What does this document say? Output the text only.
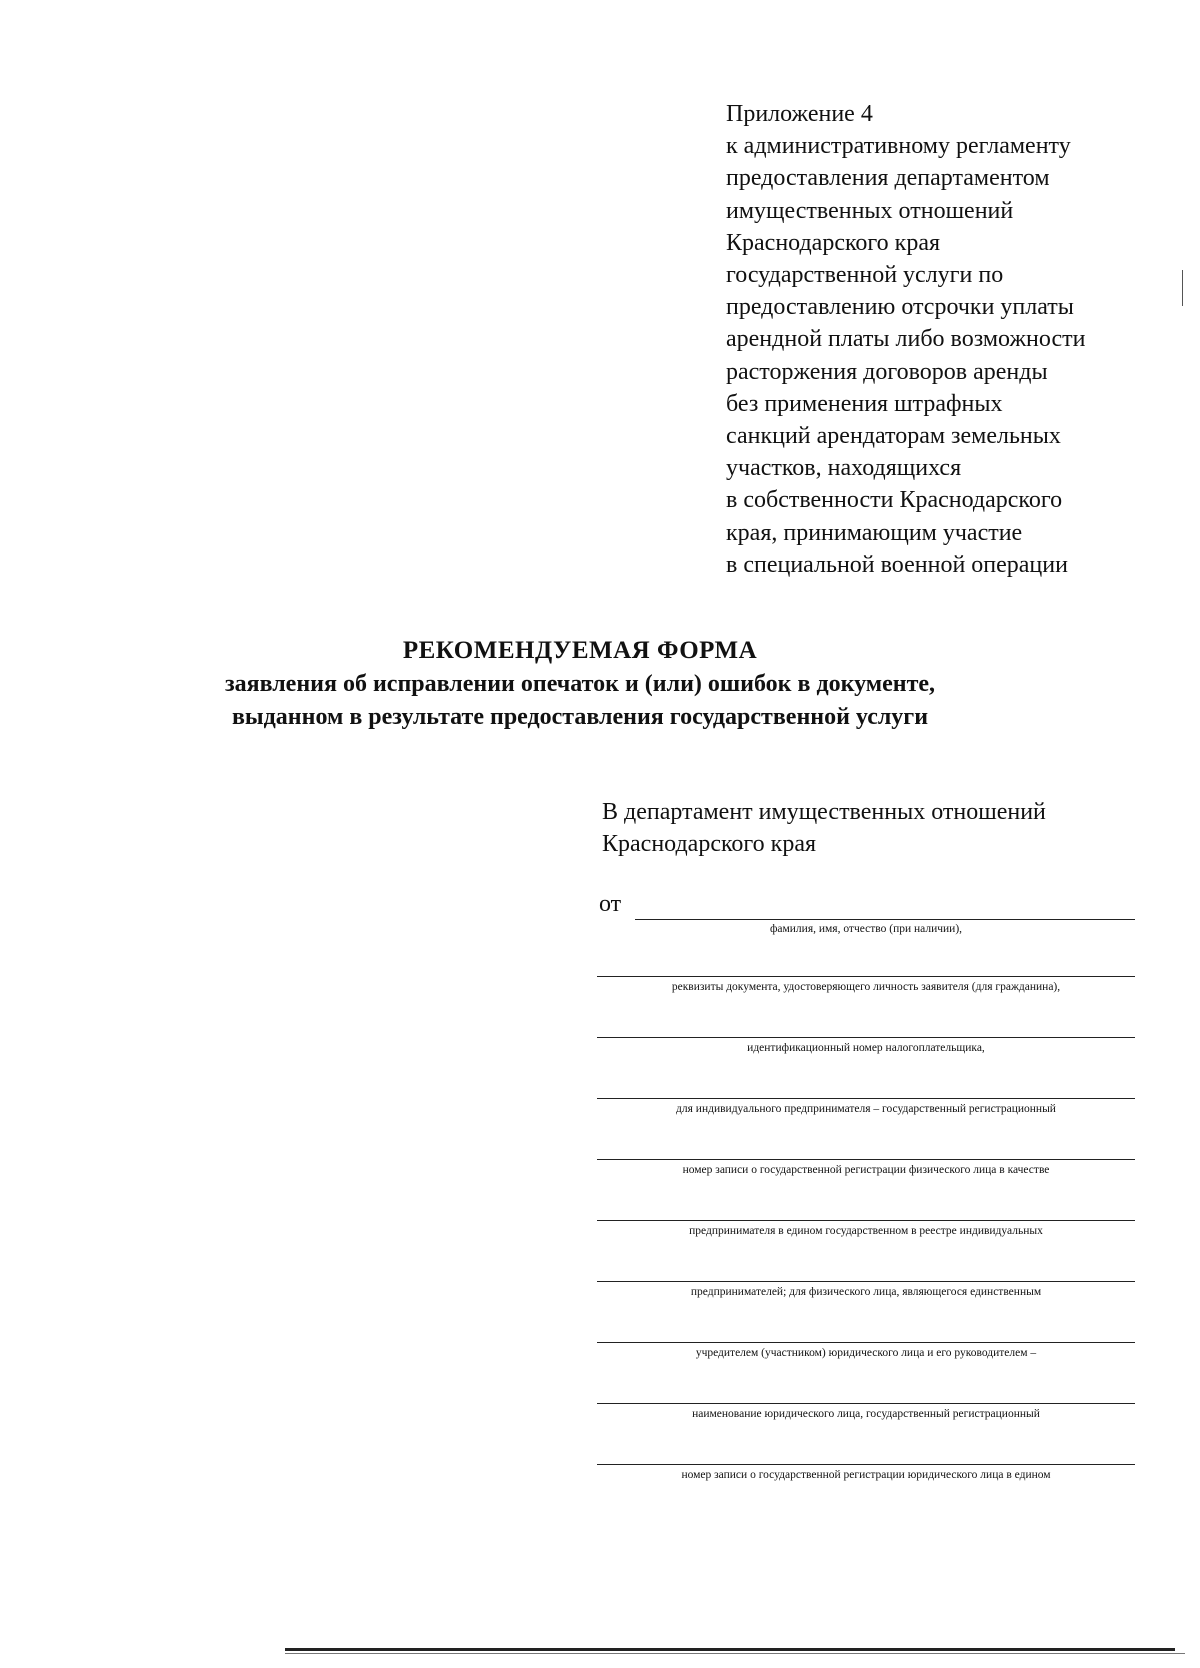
Приложение 4
к административному регламенту
предоставления департаментом
имущественных отношений
Краснодарского края
государственной услуги по
предоставлению отсрочки уплаты
арендной платы либо возможности
расторжения договоров аренды
без применения штрафных
санкций арендаторам земельных
участков, находящихся
в собственности Краснодарского
края, принимающим участие
в специальной военной операции
РЕКОМЕНДУЕМАЯ ФОРМА
заявления об исправлении опечаток и (или) ошибок в документе,
выданном в результате предоставления государственной услуги
В департамент имущественных отношений
Краснодарского края
от
фамилия, имя, отчество (при наличии),
реквизиты документа, удостоверяющего личность заявителя (для гражданина),
идентификационный номер налогоплательщика,
для индивидуального предпринимателя – государственный регистрационный
номер записи о государственной регистрации физического лица в качестве
предпринимателя в едином государственном в реестре индивидуальных
предпринимателей; для физического лица, являющегося единственным
учредителем (участником) юридического лица и его руководителем –
наименование юридического лица, государственный регистрационный
номер записи о государственной регистрации юридического лица в едином
